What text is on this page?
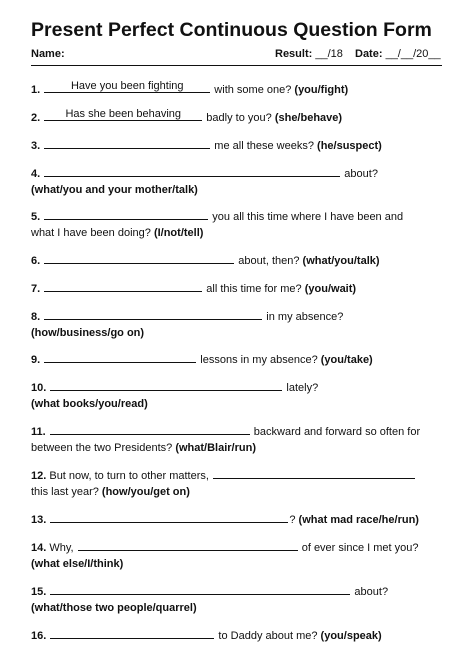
Present Perfect Continuous Question Form
Name:	Result: __/18 Date: __/__/20__
1.	Have you been fighting	with some one? (you/fight)
2.	Has she been behaving	badly to you? (she/behave)
3.	me all these weeks? (he/suspect)
4.	about?
(what/you and your mother/talk)
5.	you all this time where I have been and
what I have been doing? (I/not/tell)
6.	about, then? (what/you/talk)
7.	all this time for me? (you/wait)
8.	in my absence?
(how/business/go on)
9.	lessons in my absence? (you/take)
10.	lately?
(what books/you/read)
11.	backward and forward so often for
between the two Presidents? (what/Blair/run)
12. But now, to turn to other matters,
this last year? (how/you/get on)
13.	? (what mad race/he/run)
14. Why,	of ever since I met you?
(what else/I/think)
15.	about?
(what/those two people/quarrel)
16.	to Daddy about me? (you/speak)
